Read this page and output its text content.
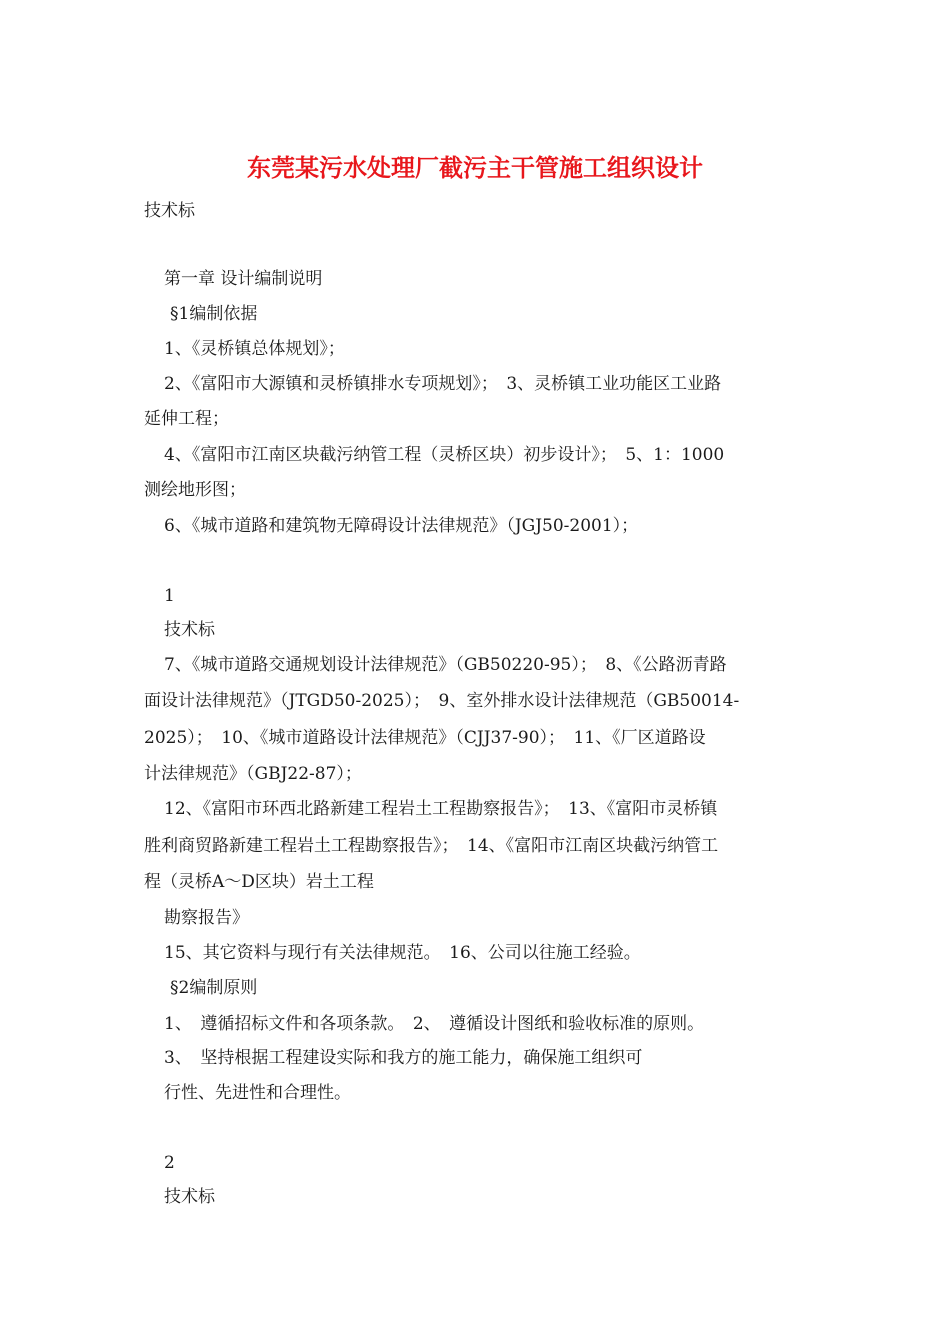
东莞某污水处理厂截污主干管施工组织设计
技术标
第一章 设计编制说明
§1编制依据
1、《灵桥镇总体规划》；
2、《富阳市大源镇和灵桥镇排水专项规划》；　3、灵桥镇工业功能区工业路
延伸工程；
4、《富阳市江南区块截污纳管工程（灵桥区块）初步设计》；　5、1：1000
测绘地形图；
6、《城市道路和建筑物无障碍设计法律规范》（JGJ50-2001）；
1
技术标
7、《城市道路交通规划设计法律规范》（GB50220-95）；　8、《公路沥青路
面设计法律规范》（JTGD50-2025）；　9、室外排水设计法律规范（GB50014-
2025）；　10、《城市道路设计法律规范》（CJJ37-90）；　11、《厂区道路设
计法律规范》（GBJ22-87）；
12、《富阳市环西北路新建工程岩土工程勘察报告》；　13、《富阳市灵桥镇
胜利商贸路新建工程岩土工程勘察报告》；　14、《富阳市江南区块截污纳管工
程（灵桥A～D区块）岩土工程
勘察报告》
15、其它资料与现行有关法律规范。　16、公司以往施工经验。
§2编制原则
1、　遵循招标文件和各项条款。　2、　遵循设计图纸和验收标准的原则。
3、　坚持根据工程建设实际和我方的施工能力，确保施工组织可
行性、先进性和合理性。
2
技术标
